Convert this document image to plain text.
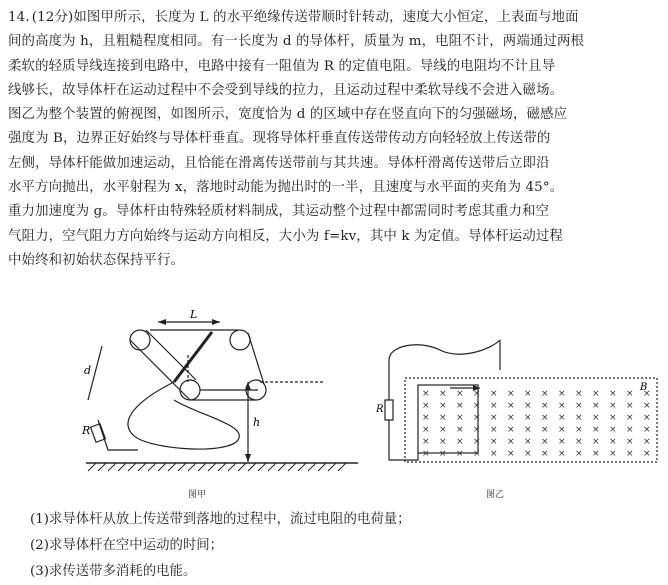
14. (12分)如图甲所示，长度为 L 的水平绝缘传送带顺时针转动，速度大小恒定，上表面与地面
间的高度为 h，且粗糙程度相同。有一长度为 d 的导体杆，质量为 m，电阻不计，两端通过两根
柔软的轻质导线连接到电路中，电路中接有一阻值为 R 的定值电阻。导线的电阻均不计且导
线够长，故导体杆在运动过程中不会受到导线的拉力，且运动过程中柔软导线不会进入磁场。
图乙为整个装置的俯视图，如图所示，宽度恰为 d 的区域中存在竖直向下的匀强磁场，磁感应
强度为 B，边界正好始终与导体杆垂直。现将导体杆垂直传送带传动方向轻轻放上传送带的
左侧，导体杆能做加速运动，且恰能在滑离传送带前与其共速。导体杆滑离传送带后立即沿
水平方向抛出，水平射程为 x，落地时动能为抛出时的一半，且速度与水平面的夹角为 45°。
重力加速度为 g。导体杆由特殊轻质材料制成，其运动整个过程中都需同时考虑其重力和空
气阻力，空气阻力方向始终与运动方向相反，大小为 f=kv，其中 k 为定值。导体杆运动过程
中始终和初始状态保持平行。
L
d
h
R
图甲
× × × × × × × × × × × × × ×
× × × × × × × × × × × × × ×
× × × × × × × × × × × × × ×
× × × × × × × × × × × × × ×
× × × × × × × × × × × × × ×
× × × × × × × × × × × × × ×
R
B
图乙
(1)求导体杆从放上传送带到落地的过程中，流过电阻的电荷量；
(2)求导体杆在空中运动的时间；
(3)求传送带多消耗的电能。
